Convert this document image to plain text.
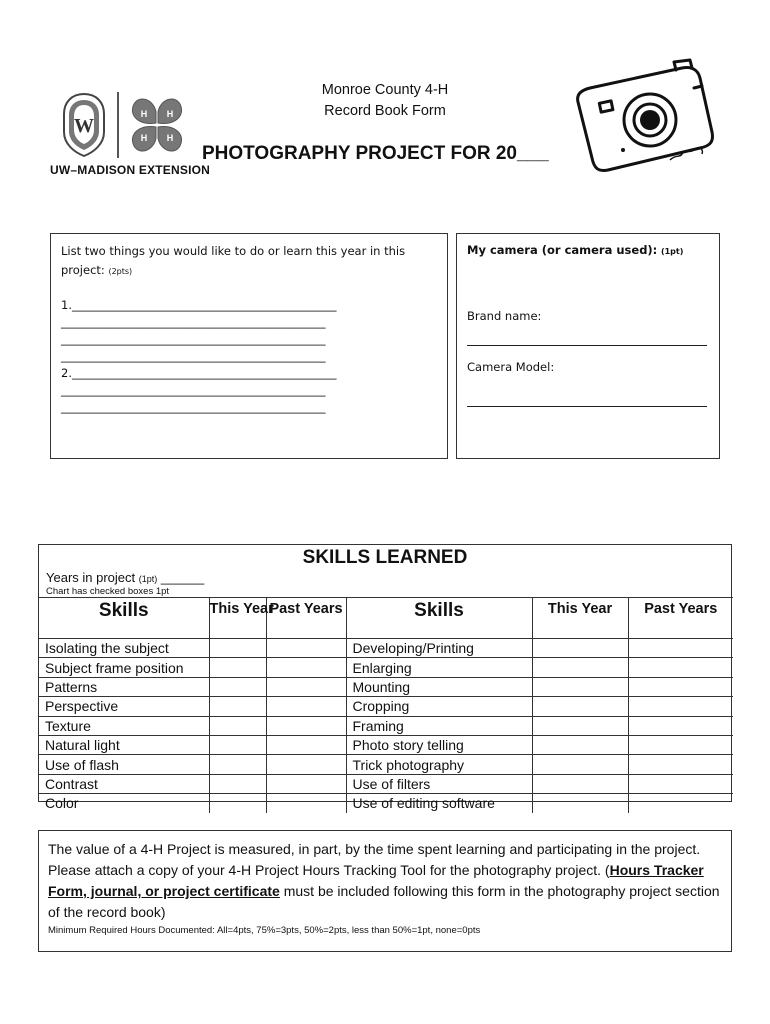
W
H H
H H
UW–MADISON EXTENSION
Monroe County 4-H
Record Book Form
PHOTOGRAPHY PROJECT FOR 20___
List two things you would like to do or learn this year in this project: (2pts)

1.______________________________________________

______________________________________________

______________________________________________

______________________________________________

2.______________________________________________

______________________________________________

______________________________________________

My camera (or camera used): (1pt)
Brand name:
Camera Model:
SKILLS LEARNED
Years in project (1pt) ______
Chart has checked boxes 1pt
Skills	This Year	Past Years	Skills	This Year	Past Years
Isolating the subject			Developing/Printing		
Subject frame position			Enlarging		
Patterns			Mounting		
Perspective			Cropping		
Texture			Framing		
Natural light			Photo story telling		
Use of flash			Trick photography		
Contrast			Use of filters		
Color			Use of editing software		
The value of a 4-H Project is measured, in part, by the time spent learning and participating in the project. Please attach a copy of your 4-H Project Hours Tracking Tool for the photography project. (Hours Tracker Form, journal, or project certificate must be included following this form in the photography project section of the record book)
Minimum Required Hours Documented: All=4pts, 75%=3pts, 50%=2pts, less than 50%=1pt, none=0pts
